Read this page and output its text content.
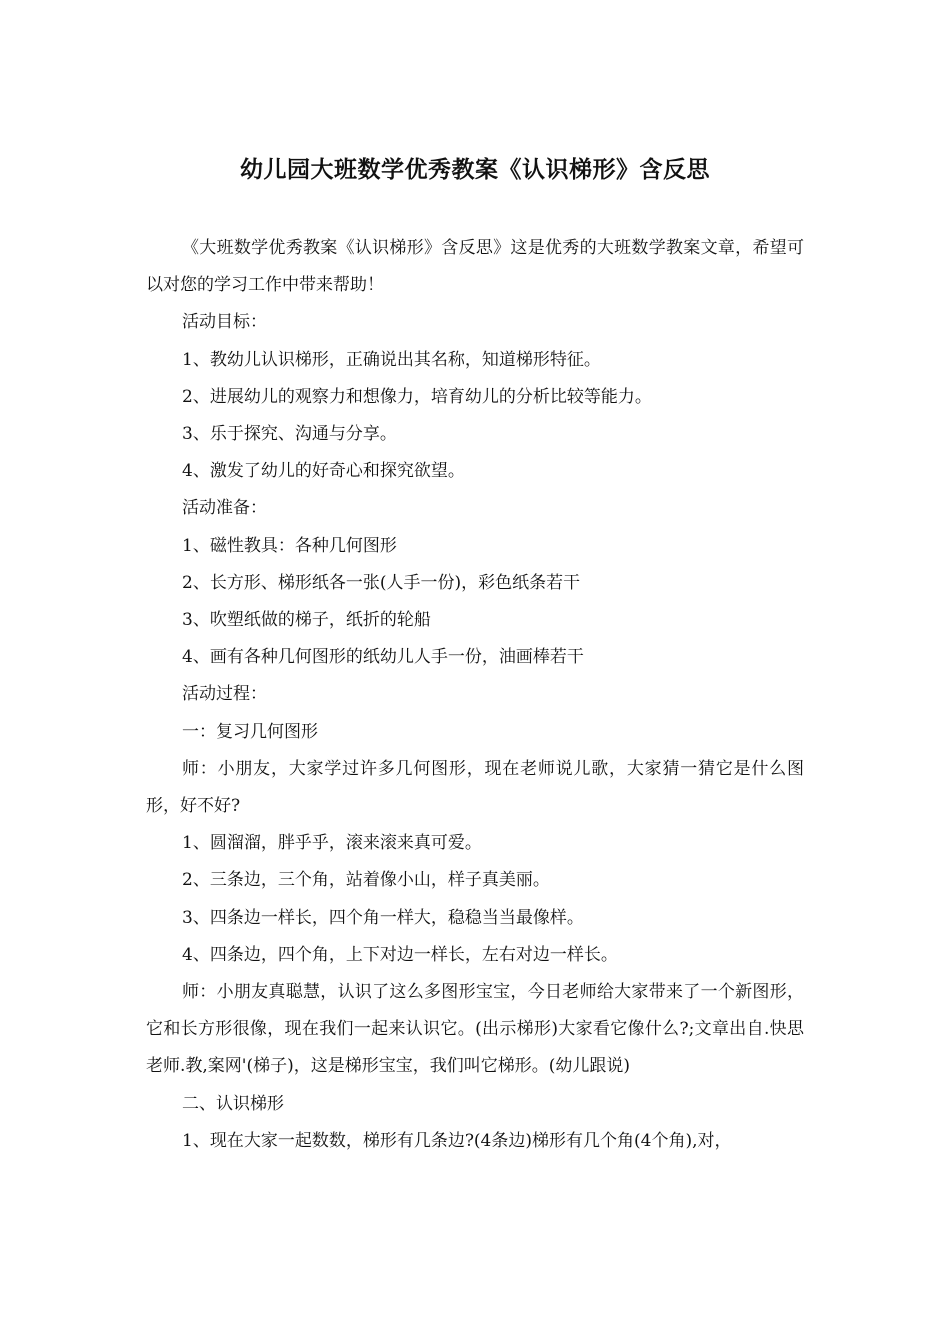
幼儿园大班数学优秀教案《认识梯形》含反思

《大班数学优秀教案《认识梯形》含反思》这是优秀的大班数学教案文章，希望可以对您的学习工作中带来帮助！

活动目标：

1、教幼儿认识梯形，正确说出其名称，知道梯形特征。

2、进展幼儿的观察力和想像力，培育幼儿的分析比较等能力。

3、乐于探究、沟通与分享。

4、激发了幼儿的好奇心和探究欲望。

活动准备：

1、磁性教具：各种几何图形

2、长方形、梯形纸各一张(人手一份)，彩色纸条若干

3、吹塑纸做的梯子，纸折的轮船

4、画有各种几何图形的纸幼儿人手一份，油画棒若干

活动过程：

一：复习几何图形

师：小朋友，大家学过许多几何图形，现在老师说儿歌，大家猜一猜它是什么图形，好不好?

1、圆溜溜，胖乎乎，滚来滚来真可爱。

2、三条边，三个角，站着像小山，样子真美丽。

3、四条边一样长，四个角一样大，稳稳当当最像样。

4、四条边，四个角，上下对边一样长，左右对边一样长。

师：小朋友真聪慧，认识了这么多图形宝宝，今日老师给大家带来了一个新图形，它和长方形很像，现在我们一起来认识它。(出示梯形)大家看它像什么?;文章出自.快思老师.教,案网'(梯子)，这是梯形宝宝，我们叫它梯形。(幼儿跟说)

二、认识梯形

1、现在大家一起数数，梯形有几条边?(4条边)梯形有几个角(4个角),对，
